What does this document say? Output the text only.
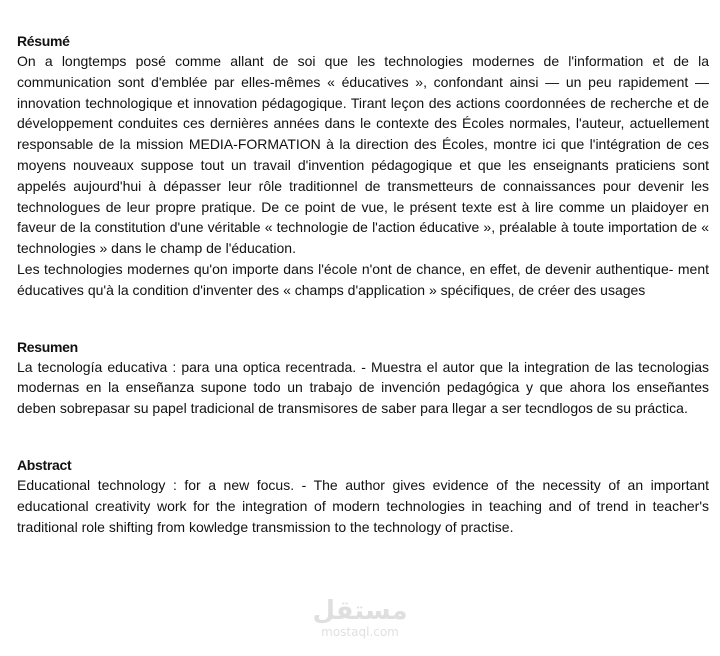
Résumé

On a longtemps posé comme allant de soi que les technologies modernes de l'information et de la communication sont d'emblée par elles-mêmes « éducatives », confondant ainsi — un peu rapidement — innovation technologique et innovation pédagogique. Tirant leçon des actions coordonnées de recherche et de développement conduites ces dernières années dans le contexte des Écoles normales, l'auteur, actuellement responsable de la mission MEDIA-FORMATION à la direction des Écoles, montre ici que l'intégration de ces moyens nouveaux suppose tout un travail d'invention pédagogique et que les enseignants praticiens sont appelés aujourd'hui à dépasser leur rôle traditionnel de transmetteurs de connaissances pour devenir les technologues de leur propre pratique. De ce point de vue, le présent texte est à lire comme un plaidoyer en faveur de la constitution d'une véritable « technologie de l'action éducative », préalable à toute importation de « technologies » dans le champ de l'éducation.

Les technologies modernes qu'on importe dans l'école n'ont de chance, en effet, de devenir authentique- ment éducatives qu'à la condition d'inventer des « champs d'application » spécifiques, de créer des usages

Resumen

La tecnología educativa : para una optica recentrada. - Muestra el autor que la integration de las tecnologias modernas en la enseñanza supone todo un trabajo de invención pedagógica y que ahora los enseñantes deben sobrepasar su papel tradicional de transmisores de saber para llegar a ser tecndlogos de su práctica.

Abstract

Educational technology : for a new focus. - The author gives evidence of the necessity of an important educational creativity work for the integration of modern technologies in teaching and of trend in teacher's traditional role shifting from kowledge transmission to the technology of practise.

مستقل
mostaql.com
